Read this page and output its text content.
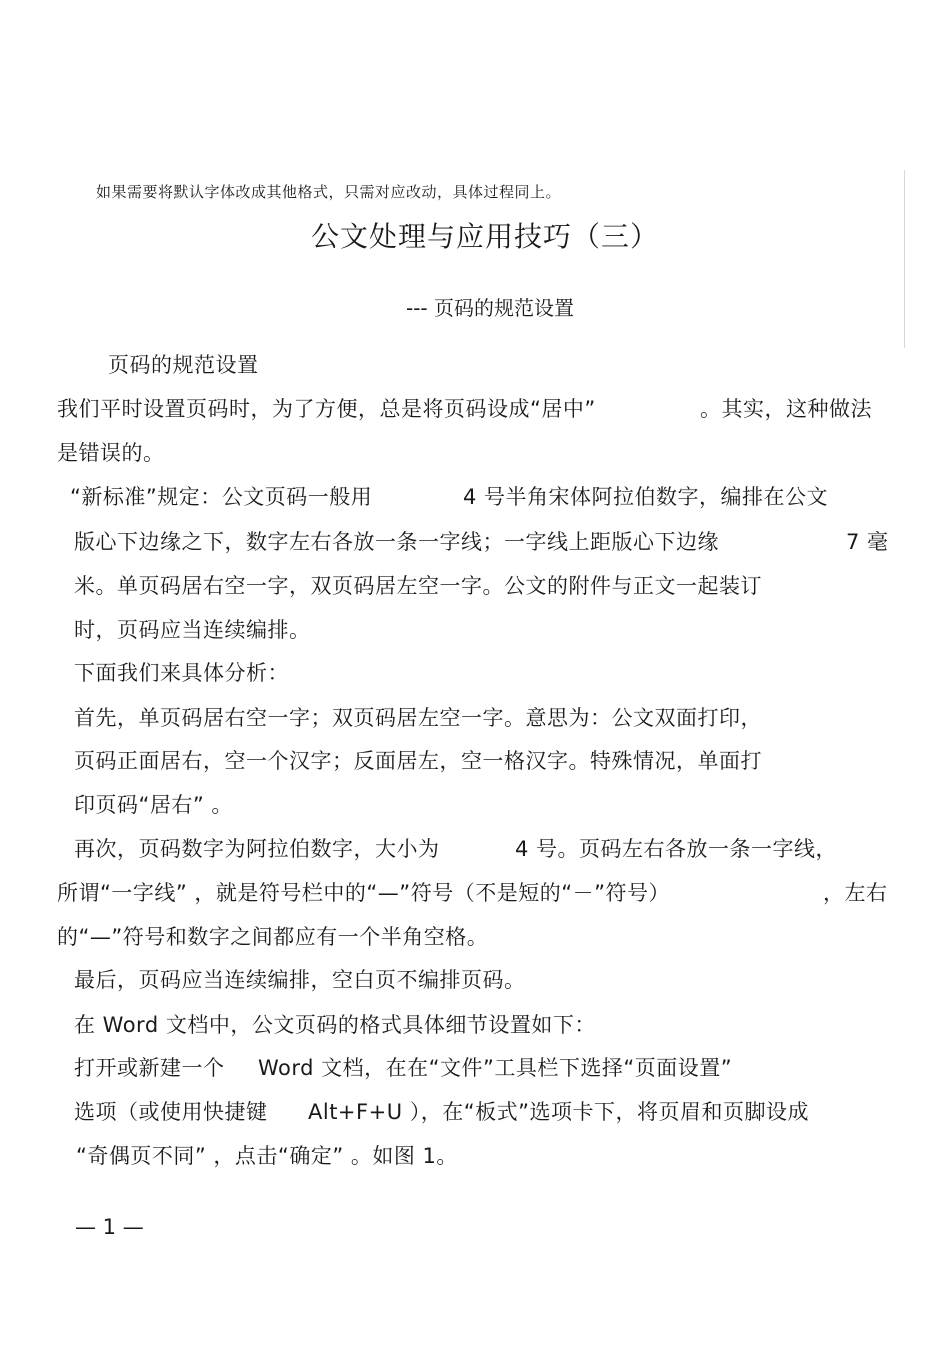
如果需要将默认字体改成其他格式，只需对应改动，具体过程同上。
公文处理与应用技巧（三）
--- 页码的规范设置
页码的规范设置
我们平时设置页码时，为了方便，总是将页码设成“居中”	。其实，这种做法
是错误的。
“新标准”规定：公文页码一般用	4 号半角宋体阿拉伯数字，编排在公文
版心下边缘之下，数字左右各放一条一字线；一字线上距版心下边缘	7 毫
米。单页码居右空一字，双页码居左空一字。公文的附件与正文一起装订
时，页码应当连续编排。
下面我们来具体分析：
首先，单页码居右空一字；双页码居左空一字。意思为：公文双面打印，
页码正面居右，空一个汉字；反面居左，空一格汉字。特殊情况，单面打
印页码“居右” 。
再次，页码数字为阿拉伯数字，大小为	4 号。页码左右各放一条一字线，
所谓“一字线” ，就是符号栏中的“—”符号（不是短的“－”符号）	，左右
的“—”符号和数字之间都应有一个半角空格。
最后，页码应当连续编排，空白页不编排页码。
在 Word 文档中，公文页码的格式具体细节设置如下：
打开或新建一个 Word 文档，在在“文件”工具栏下选择“页面设置”
选项（或使用快捷键 Alt+F+U ），在“板式”选项卡下，将页眉和页脚设成
“奇偶页不同” ，点击“确定” 。如图 1。
— 1 —
